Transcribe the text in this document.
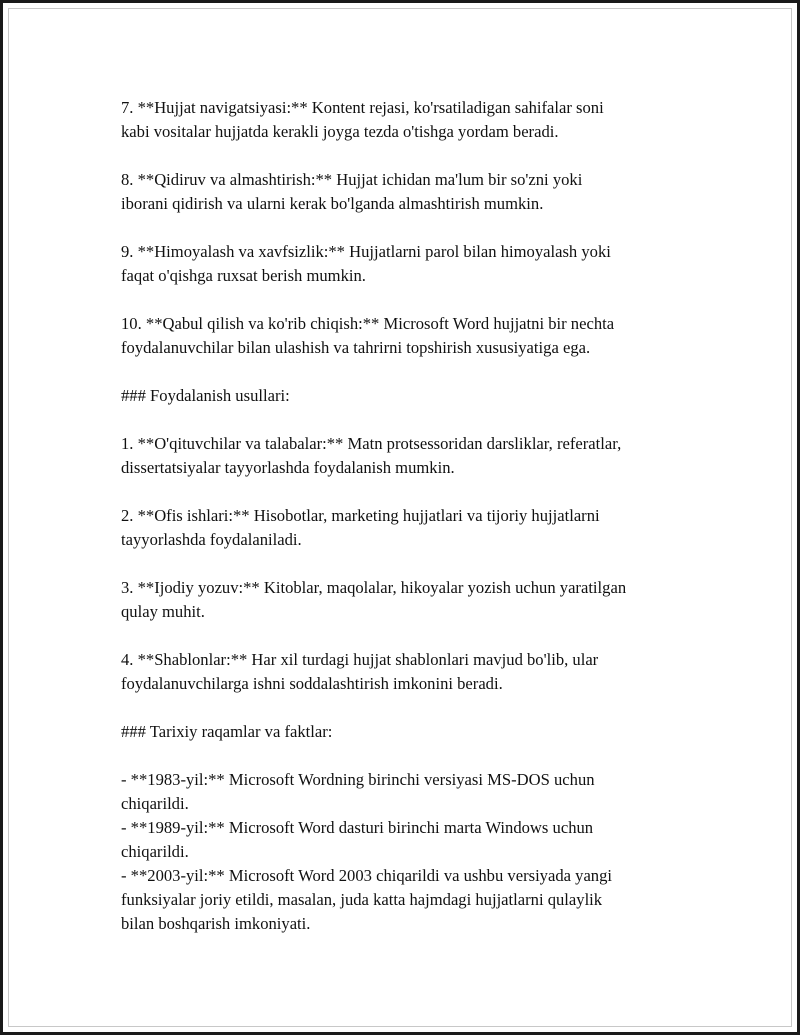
7. **Hujjat navigatsiyasi:** Kontent rejasi, ko'rsatiladigan sahifalar soni
kabi vositalar hujjatda kerakli joyga tezda o'tishga yordam beradi.
8. **Qidiruv va almashtirish:** Hujjat ichidan ma'lum bir so'zni yoki
iborani qidirish va ularni kerak bo'lganda almashtirish mumkin.
9. **Himoyalash va xavfsizlik:** Hujjatlarni parol bilan himoyalash yoki
faqat o'qishga ruxsat berish mumkin.
10. **Qabul qilish va ko'rib chiqish:** Microsoft Word hujjatni bir nechta
foydalanuvchilar bilan ulashish va tahrirni topshirish xususiyatiga ega.
### Foydalanish usullari:
1. **O'qituvchilar va talabalar:** Matn protsessoridan darsliklar, referatlar,
dissertatsiyalar tayyorlashda foydalanish mumkin.
2. **Ofis ishlari:** Hisobotlar, marketing hujjatlari va tijoriy hujjatlarni
tayyorlashda foydalaniladi.
3. **Ijodiy yozuv:** Kitoblar, maqolalar, hikoyalar yozish uchun yaratilgan
qulay muhit.
4. **Shablonlar:** Har xil turdagi hujjat shablonlari mavjud bo'lib, ular
foydalanuvchilarga ishni soddalashtirish imkonini beradi.
### Tarixiy raqamlar va faktlar:
- **1983-yil:** Microsoft Wordning birinchi versiyasi MS-DOS uchun
chiqarildi.
- **1989-yil:** Microsoft Word dasturi birinchi marta Windows uchun
chiqarildi.
- **2003-yil:** Microsoft Word 2003 chiqarildi va ushbu versiyada yangi
funksiyalar joriy etildi, masalan, juda katta hajmdagi hujjatlarni qulaylik
bilan boshqarish imkoniyati.
